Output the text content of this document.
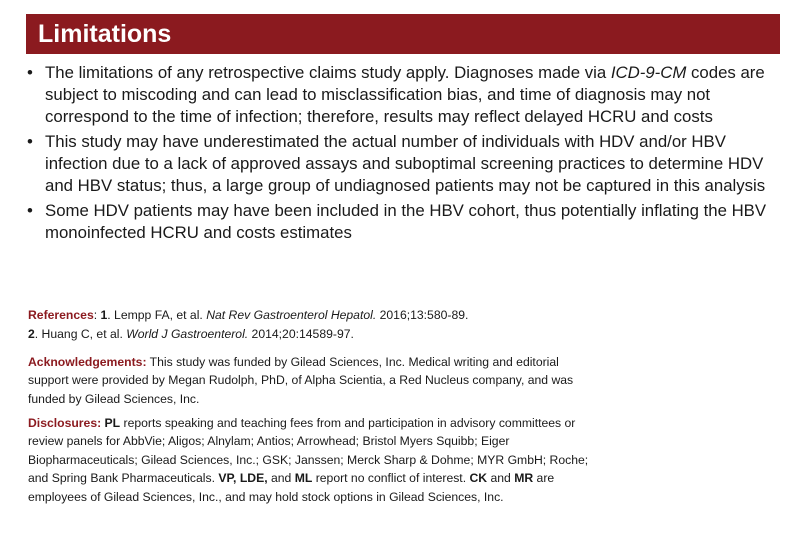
Limitations
• The limitations of any retrospective claims study apply. Diagnoses made via ICD-9-CM codes are subject to miscoding and can lead to misclassification bias, and time of diagnosis may not correspond to the time of infection; therefore, results may reflect delayed HCRU and costs
• This study may have underestimated the actual number of individuals with HDV and/or HBV infection due to a lack of approved assays and suboptimal screening practices to determine HDV and HBV status; thus, a large group of undiagnosed patients may not be captured in this analysis
• Some HDV patients may have been included in the HBV cohort, thus potentially inflating the HBV monoinfected HCRU and costs estimates
References: 1. Lempp FA, et al. Nat Rev Gastroenterol Hepatol. 2016;13:580-89.
2. Huang C, et al. World J Gastroenterol. 2014;20:14589-97.
Acknowledgements: This study was funded by Gilead Sciences, Inc. Medical writing and editorial support were provided by Megan Rudolph, PhD, of Alpha Scientia, a Red Nucleus company, and was funded by Gilead Sciences, Inc.
Disclosures: PL reports speaking and teaching fees from and participation in advisory committees or review panels for AbbVie; Aligos; Alnylam; Antios; Arrowhead; Bristol Myers Squibb; Eiger Biopharmaceuticals; Gilead Sciences, Inc.; GSK; Janssen; Merck Sharp & Dohme; MYR GmbH; Roche; and Spring Bank Pharmaceuticals. VP, LDE, and ML report no conflict of interest. CK and MR are employees of Gilead Sciences, Inc., and may hold stock options in Gilead Sciences, Inc.
